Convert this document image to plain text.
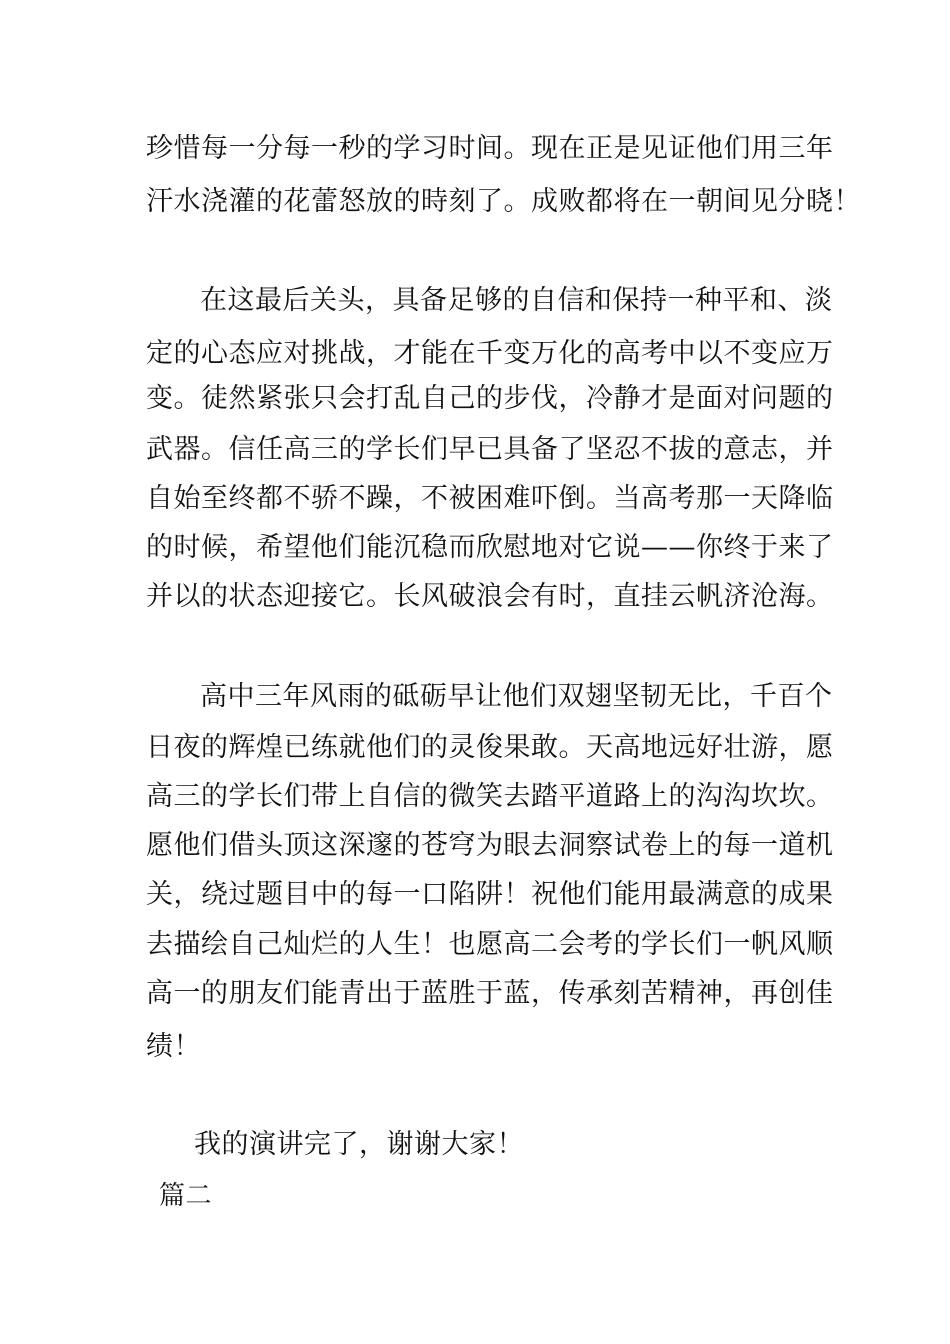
珍惜每一分每一秒的学习时间。现在正是见证他们用三年
汗水浇灌的花蕾怒放的時刻了。成败都将在一朝间见分晓！
在这最后关头，具备足够的自信和保持一种平和、淡
定的心态应对挑战，才能在千变万化的高考中以不变应万
变。徒然紧张只会打乱自己的步伐，冷静才是面对问题的
武器。信任高三的学长们早已具备了坚忍不拔的意志，并
自始至终都不骄不躁，不被困难吓倒。当高考那一天降临
的时候，希望他们能沉稳而欣慰地对它说——你终于来了
并以的状态迎接它。长风破浪会有时，直挂云帆济沧海。
高中三年风雨的砥砺早让他们双翅坚韧无比，千百个
日夜的辉煌已练就他们的灵俊果敢。天高地远好壮游，愿
高三的学长们带上自信的微笑去踏平道路上的沟沟坎坎。
愿他们借头顶这深邃的苍穹为眼去洞察试卷上的每一道机
关，绕过题目中的每一口陷阱！祝他们能用最满意的成果
去描绘自己灿烂的人生！也愿高二会考的学长们一帆风顺
高一的朋友们能青出于蓝胜于蓝，传承刻苦精神，再创佳
绩！
我的演讲完了，谢谢大家！
篇二
